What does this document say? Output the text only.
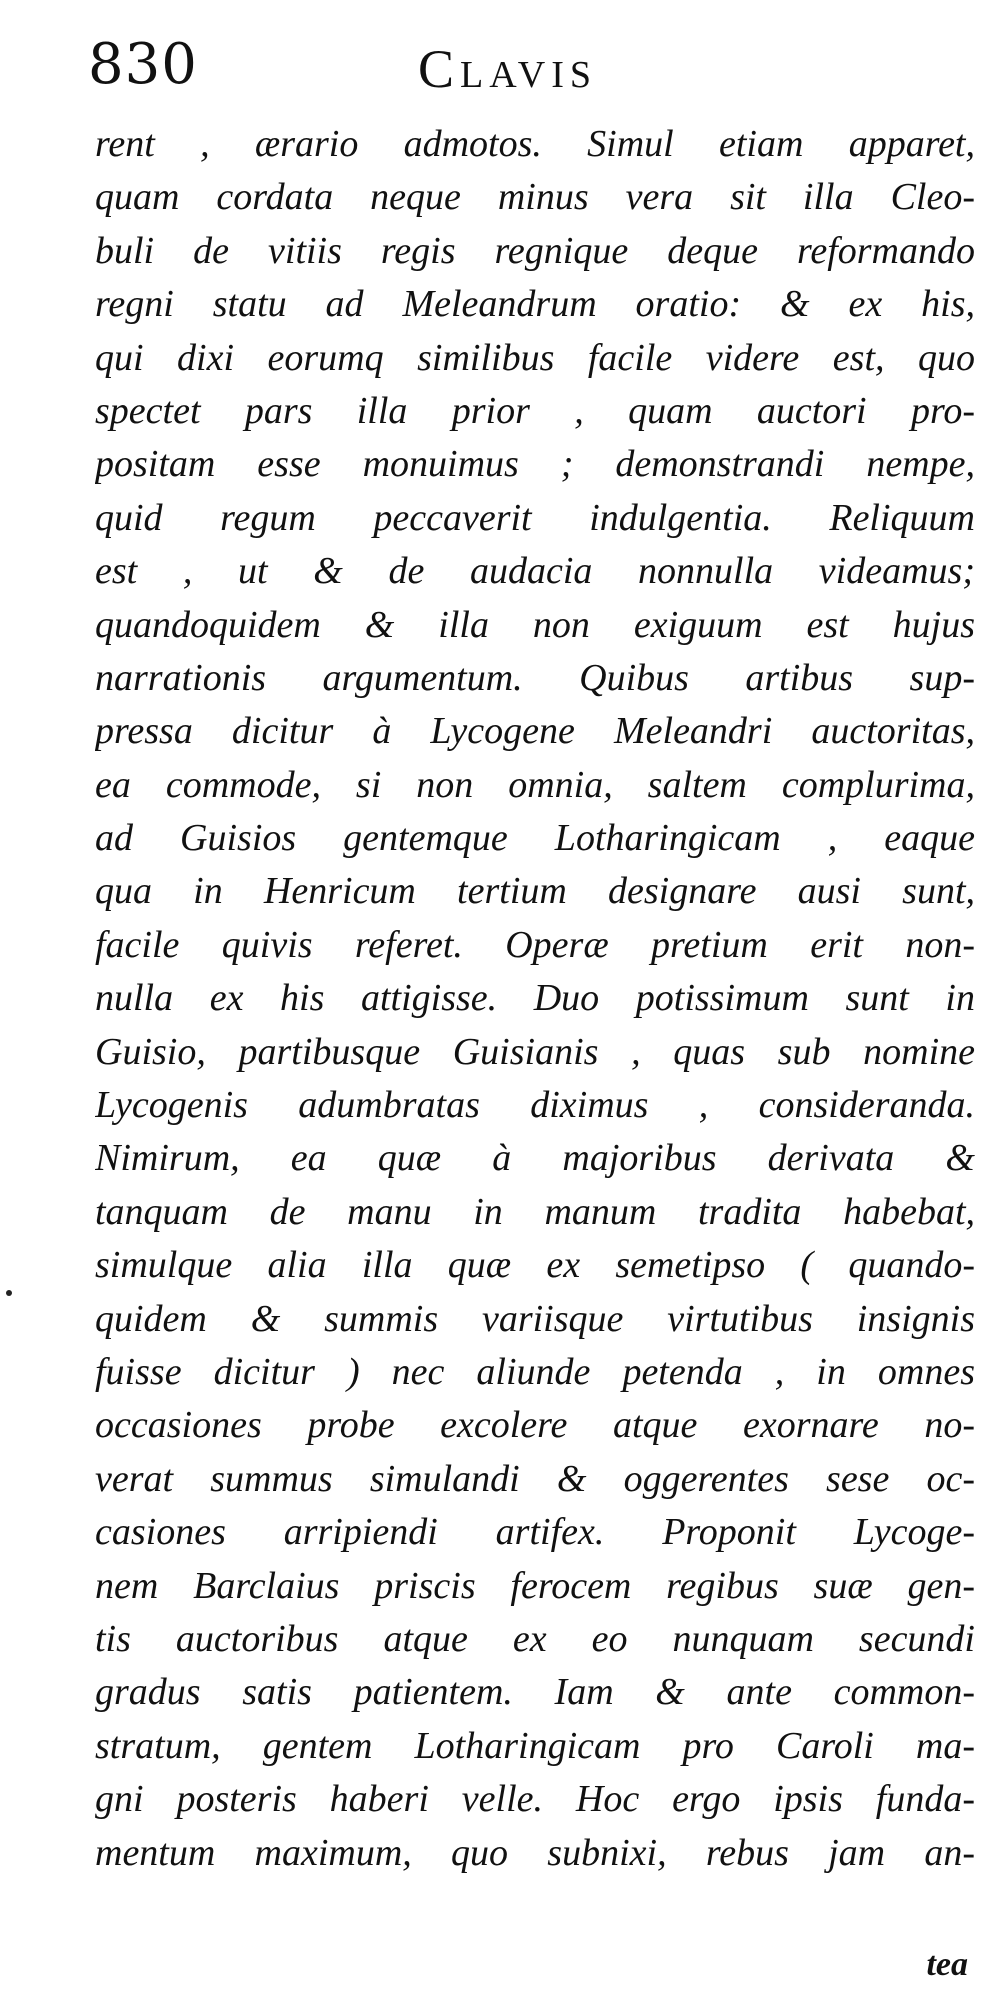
830	Clavis
rent , ærario admotos. Simul etiam apparet,
quam cordata neque minus vera sit illa Cleo-
buli de vitiis regis regnique deque reformando
regni statu ad Meleandrum oratio: & ex his,
qui dixi eorumq similibus facile videre est, quo
spectet pars illa prior , quam auctori pro-
positam esse monuimus ; demonstrandi nempe,
quid regum peccaverit indulgentia. Reliquum
est , ut & de audacia nonnulla videamus;
quandoquidem & illa non exiguum est hujus
narrationis argumentum. Quibus artibus sup-
pressa dicitur à Lycogene Meleandri auctoritas,
ea commode, si non omnia, saltem complurima,
ad Guisios gentemque Lotharingicam , eaque
qua in Henricum tertium designare ausi sunt,
facile quivis referet. Operæ pretium erit non-
nulla ex his attigisse. Duo potissimum sunt in
Guisio, partibusque Guisianis , quas sub nomine
Lycogenis adumbratas diximus , consideranda.
Nimirum, ea quæ à majoribus derivata &
tanquam de manu in manum tradita habebat,
simulque alia illa quæ ex semetipso ( quando-
quidem & summis variisque virtutibus insignis
fuisse dicitur ) nec aliunde petenda , in omnes
occasiones probe excolere atque exornare no-
verat summus simulandi & oggerentes sese oc-
casiones arripiendi artifex. Proponit Lycoge-
nem Barclaius priscis ferocem regibus suæ gen-
tis auctoribus atque ex eo nunquam secundi
gradus satis patientem. Iam & ante common-
stratum, gentem Lotharingicam pro Caroli ma-
gni posteris haberi velle. Hoc ergo ipsis funda-
mentum maximum, quo subnixi, rebus jam an-
tea
